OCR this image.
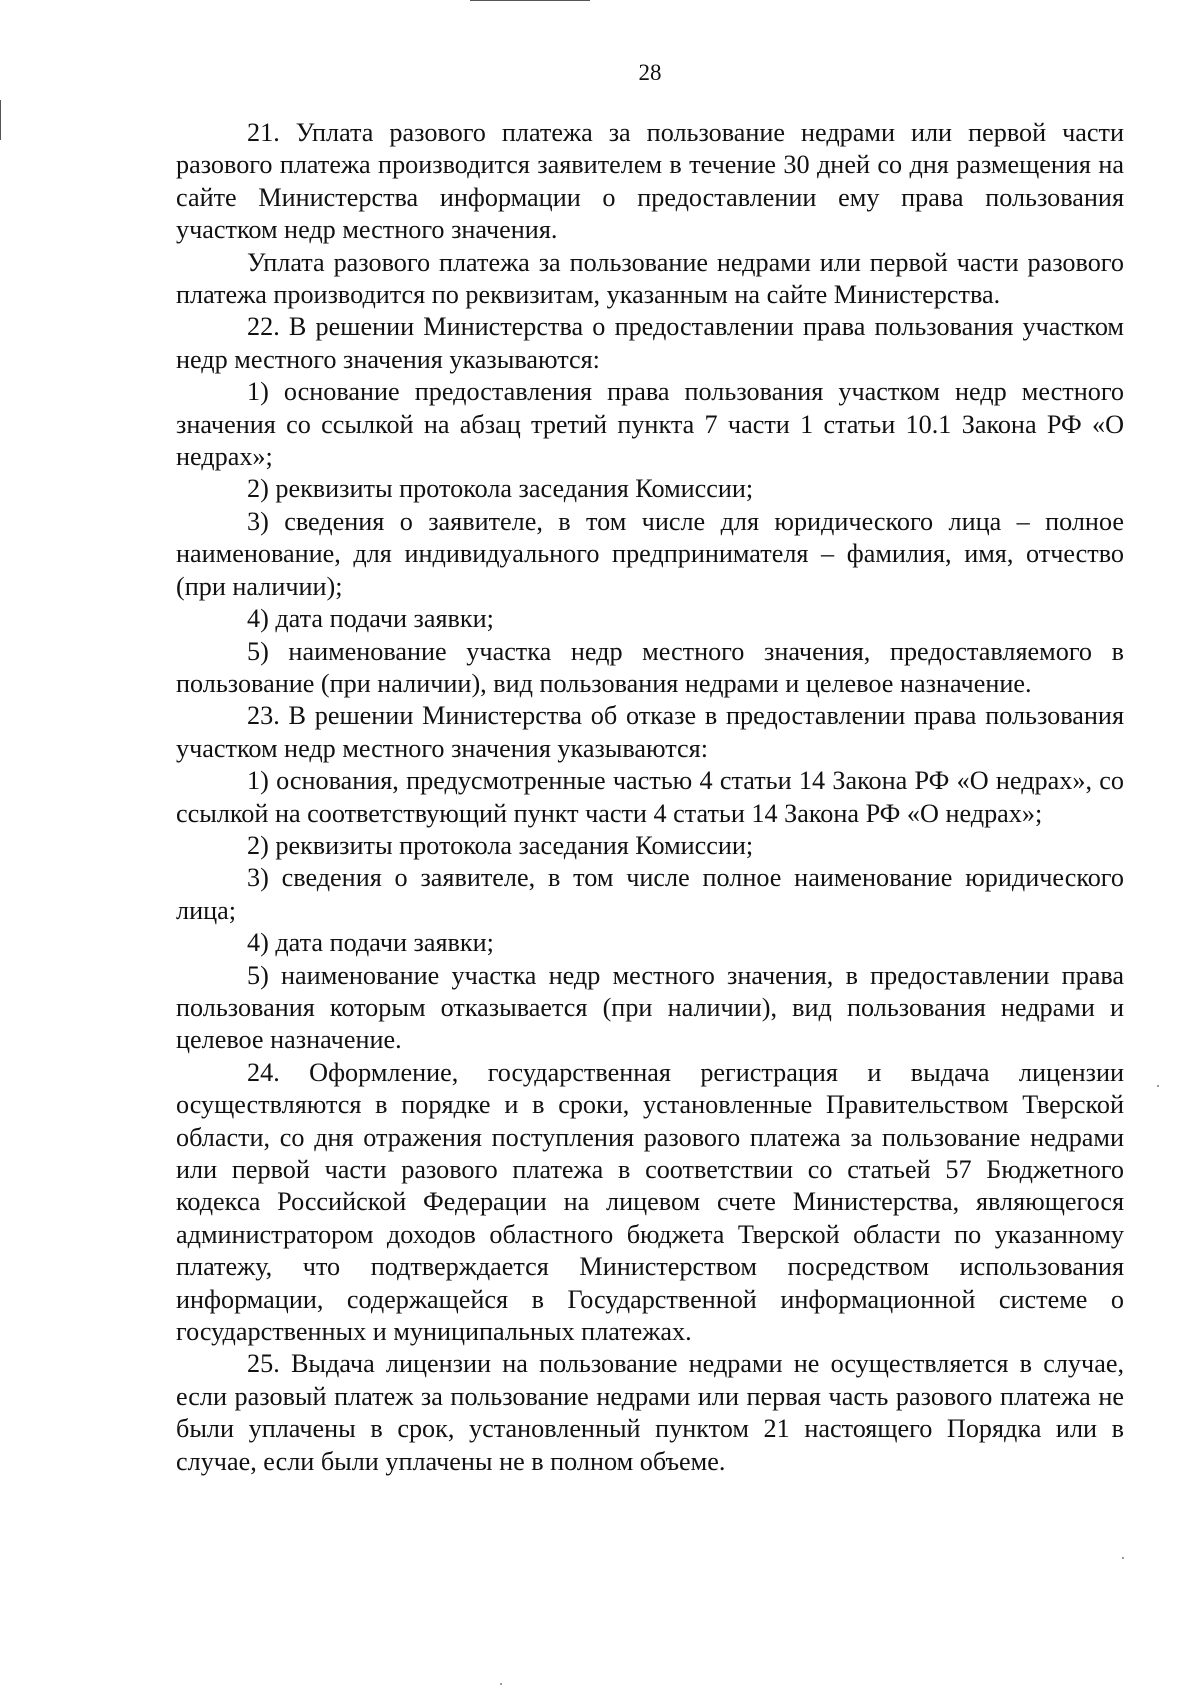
28

21. Уплата разового платежа за пользование недрами или первой части разового платежа производится заявителем в течение 30 дней со дня размещения на сайте Министерства информации о предоставлении ему права пользования участком недр местного значения.

Уплата разового платежа за пользование недрами или первой части разового платежа производится по реквизитам, указанным на сайте Министерства.

22. В решении Министерства о предоставлении права пользования участком недр местного значения указываются:

1) основание предоставления права пользования участком недр местного значения со ссылкой на абзац третий пункта 7 части 1 статьи 10.1 Закона РФ «О недрах»;

2) реквизиты протокола заседания Комиссии;

3) сведения о заявителе, в том числе для юридического лица – полное наименование, для индивидуального предпринимателя – фамилия, имя, отчество (при наличии);

4) дата подачи заявки;

5) наименование участка недр местного значения, предоставляемого в пользование (при наличии), вид пользования недрами и целевое назначение.

23. В решении Министерства об отказе в предоставлении права пользования участком недр местного значения указываются:

1) основания, предусмотренные частью 4 статьи 14 Закона РФ «О недрах», со ссылкой на соответствующий пункт части 4 статьи 14 Закона РФ «О недрах»;

2) реквизиты протокола заседания Комиссии;

3) сведения о заявителе, в том числе полное наименование юридического лица;

4) дата подачи заявки;

5) наименование участка недр местного значения, в предоставлении права пользования которым отказывается (при наличии), вид пользования недрами и целевое назначение.

24. Оформление, государственная регистрация и выдача лицензии осуществляются в порядке и в сроки, установленные Правительством Тверской области, со дня отражения поступления разового платежа за пользование недрами или первой части разового платежа в соответствии со статьей 57 Бюджетного кодекса Российской Федерации на лицевом счете Министерства, являющегося администратором доходов областного бюджета Тверской области по указанному платежу, что подтверждается Министерством посредством использования информации, содержащейся в Государственной информационной системе о государственных и муниципальных платежах.

25. Выдача лицензии на пользование недрами не осуществляется в случае, если разовый платеж за пользование недрами или первая часть разового платежа не были уплачены в срок, установленный пунктом 21 настоящего Порядка или в случае, если были уплачены не в полном объеме.
